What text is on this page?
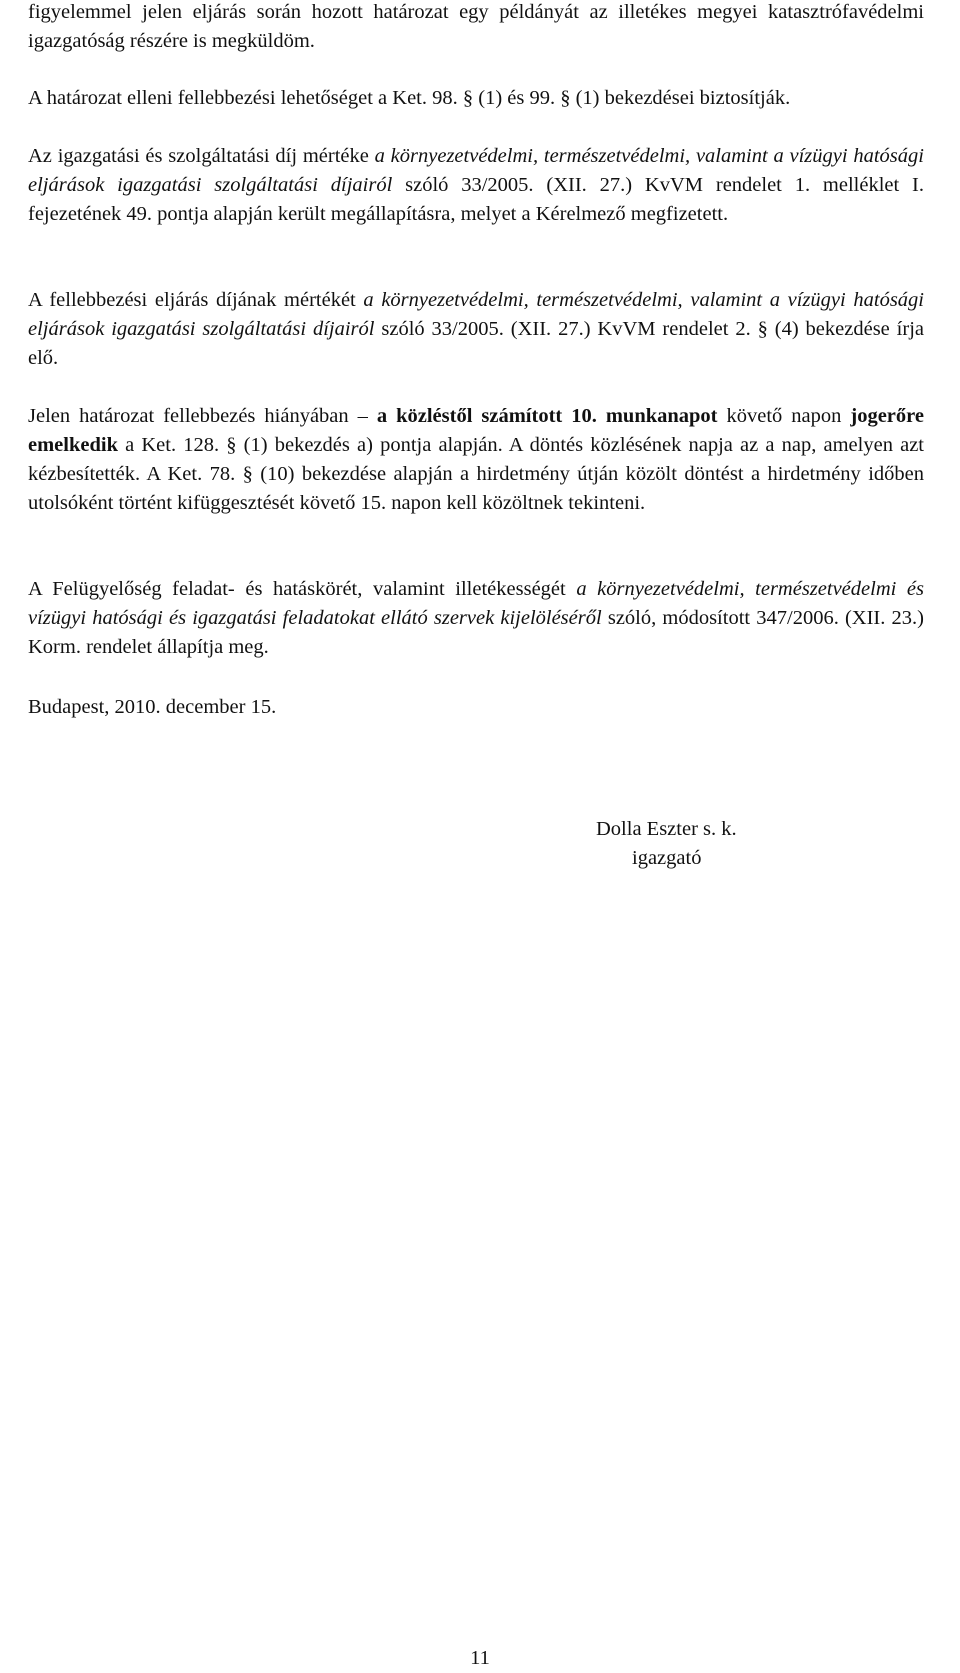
figyelemmel jelen eljárás során hozott határozat egy példányát az illetékes megyei katasztrófavédelmi igazgatóság részére is megküldöm.

A határozat elleni fellebbezési lehetőséget a Ket. 98. § (1) és 99. § (1) bekezdései biztosítják.

Az igazgatási és szolgáltatási díj mértéke a környezetvédelmi, természetvédelmi, valamint a vízügyi hatósági eljárások igazgatási szolgáltatási díjairól szóló 33/2005. (XII. 27.) KvVM rendelet 1. melléklet I. fejezetének 49. pontja alapján került megállapításra, melyet a Kérelmező megfizetett.

A fellebbezési eljárás díjának mértékét a környezetvédelmi, természetvédelmi, valamint a vízügyi hatósági eljárások igazgatási szolgáltatási díjairól szóló 33/2005. (XII. 27.) KvVM rendelet 2. § (4) bekezdése írja elő.

Jelen határozat fellebbezés hiányában – a közléstől számított 10. munkanapot követő napon jogerőre emelkedik a Ket. 128. § (1) bekezdés a) pontja alapján. A döntés közlésének napja az a nap, amelyen azt kézbesítették. A Ket. 78. § (10) bekezdése alapján a hirdetmény útján közölt döntést a hirdetmény időben utolsóként történt kifüggesztését követő 15. napon kell közöltnek tekinteni.

A Felügyelőség feladat- és hatáskörét, valamint illetékességét a környezetvédelmi, természetvédelmi és vízügyi hatósági és igazgatási feladatokat ellátó szervek kijelöléséről szóló, módosított 347/2006. (XII. 23.) Korm. rendelet állapítja meg.

Budapest, 2010. december 15.

Dolla Eszter s. k.
igazgató
11
